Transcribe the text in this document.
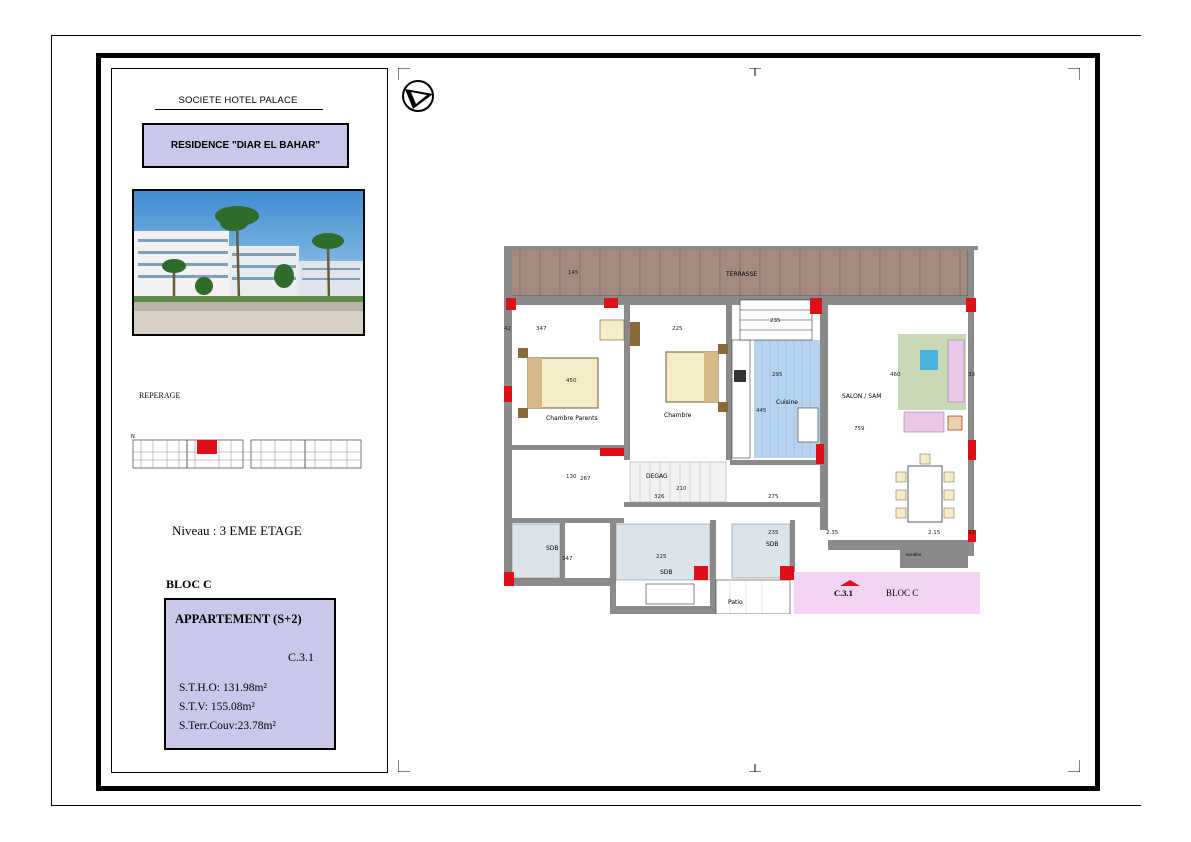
SOCIETE HOTEL PALACE
RESIDENCE "DIAR EL BAHAR"
REPERAGE
N
Niveau : 3 EME ETAGE
BLOC C
APPARTEMENT (S+2)
C.3.1
S.T.H.O: 131.98m²
S.T.V: 155.08m²
S.Terr.Couv:23.78m²
TERRASSE
Chambre Parents	Chambre
Cuisine
SALON / SAM
DEGAG
SDB
SDB
SDB
Patio
347	225
235
295	460
450
445
759
326	275
267
210
130
2.35	2.15
225
347
235
42
33
33
145
C.3.1	BLOC C
escalier
